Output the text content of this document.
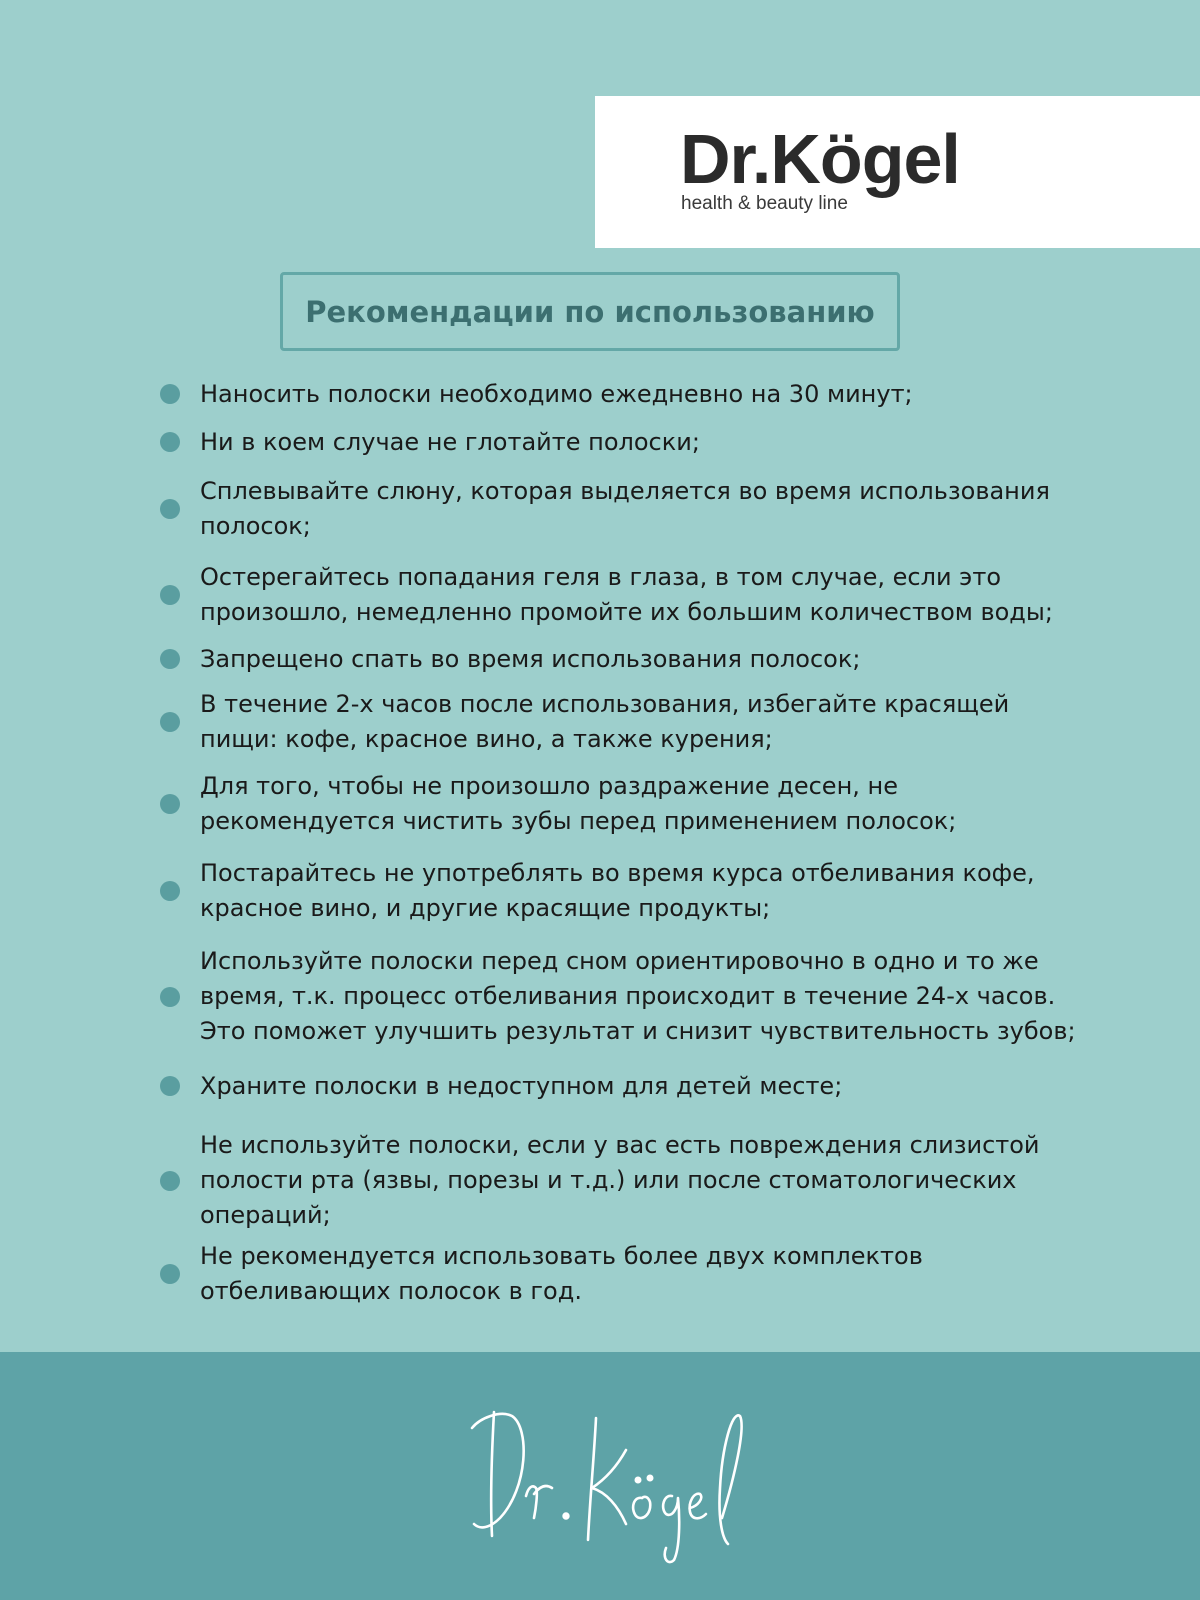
Dr.Kögel
health & beauty line
Рекомендации по использованию
Наносить полоски необходимо ежедневно на 30 минут;
Ни в коем случае не глотайте полоски;
Сплевывайте слюну, которая выделяется во время использования
полосок;
Остерегайтесь попадания геля в глаза, в том случае, если это
произошло, немедленно промойте их большим количеством воды;
Запрещено спать во время использования полосок;
В течение 2-х часов после использования, избегайте красящей
пищи: кофе, красное вино, а также курения;
Для того, чтобы не произошло раздражение десен, не
рекомендуется чистить зубы перед применением полосок;
Постарайтесь не употреблять во время курса отбеливания кофе,
красное вино, и другие красящие продукты;
Используйте полоски перед сном ориентировочно в одно и то же
время, т.к. процесс отбеливания происходит в течение 24-х часов.
Это поможет улучшить результат и снизит чувствительность зубов;
Храните полоски в недоступном для детей месте;
Не используйте полоски, если у вас есть повреждения слизистой
полости рта (язвы, порезы и т.д.) или после стоматологических
операций;
Не рекомендуется использовать более двух комплектов
отбеливающих полосок в год.
